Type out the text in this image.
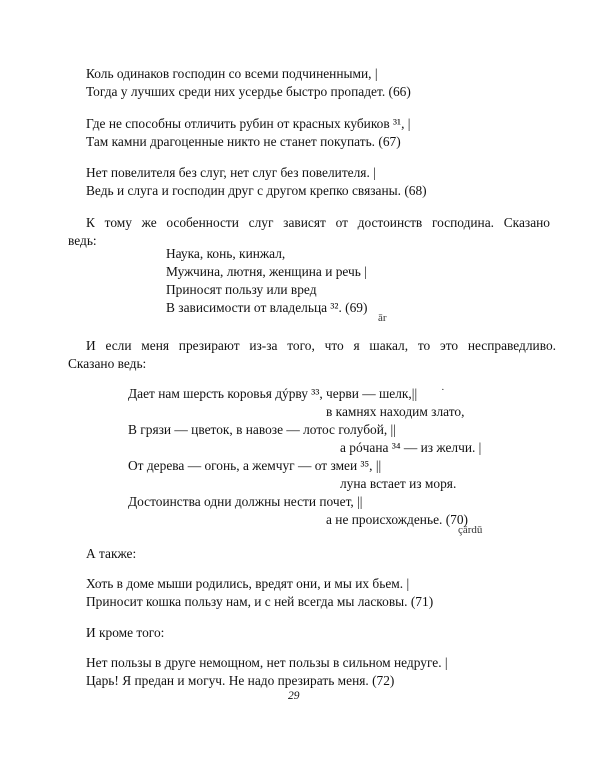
Коль одинаков господин со всеми подчиненными, |
Тогда у лучших среди них усердье быстро пропадет. (66)
Где не способны отличить рубин от красных кубиков ³¹, |
Там камни драгоценные никто не станет покупать. (67)
Нет повелителя без слуг, нет слуг без повелителя. |
Ведь и слуга и господин друг с другом крепко связаны. (68)
К тому же особенности слуг зависят от достоинств господина. Сказано
ведь:
Наука, конь, кинжал,
Мужчина, лютня, женщина и речь |
Приносят пользу или вред
В зависимости от владельца ³². (69)
ār
И если меня презирают из-за того, что я шакал, то это несправедливо.
Сказано ведь:
Дает нам шерсть коровья дýрву ³³, черви — шелк,|| ·
в камнях находим злато,
В грязи — цветок, в навозе — лотос голубой, ||
а рóчана ³⁴ — из желчи. |
От дерева — огонь, а жемчуг — от змеи ³⁵, ||
луна встает из моря.
Достоинства одни должны нести почет, ||
а не происхожденье. (70)
çārdū
А также:
Хоть в доме мыши родились, вредят они, и мы их бьем. |
Приносит кошка пользу нам, и с ней всегда мы ласковы. (71)
И кроме того:
Нет пользы в друге немощном, нет пользы в сильном недруге. |
Царь! Я предан и могуч. Не надо презирать меня. (72)
29
